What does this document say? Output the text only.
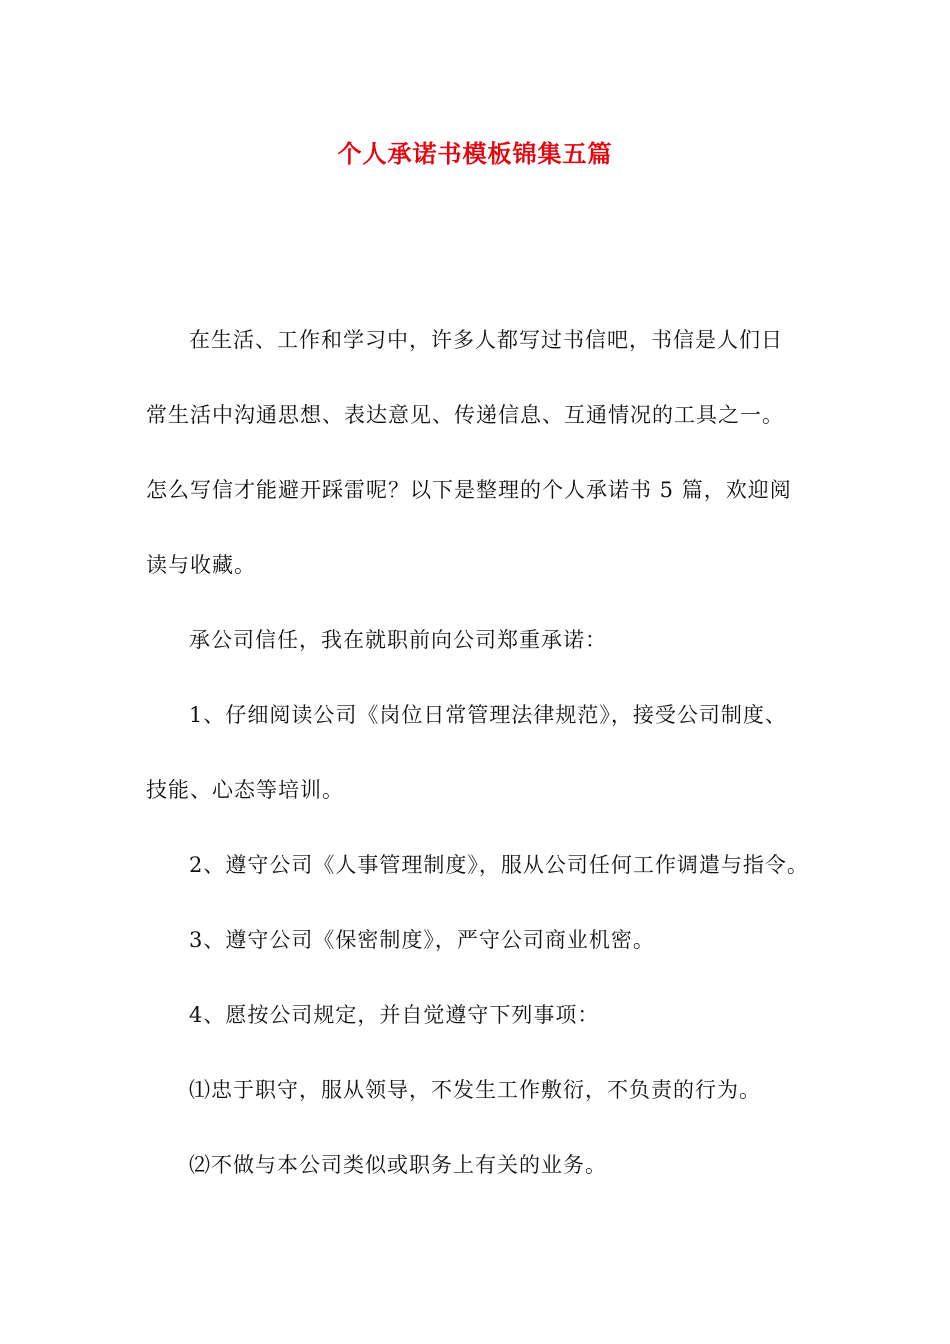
个人承诺书模板锦集五篇
在生活、工作和学习中，许多人都写过书信吧，书信是人们日
常生活中沟通思想、表达意见、传递信息、互通情况的工具之一。
怎么写信才能避开踩雷呢？以下是整理的个人承诺书 5 篇，欢迎阅
读与收藏。
承公司信任，我在就职前向公司郑重承诺：
1、仔细阅读公司《岗位日常管理法律规范》，接受公司制度、
技能、心态等培训。
2、遵守公司《人事管理制度》，服从公司任何工作调遣与指令。
3、遵守公司《保密制度》，严守公司商业机密。
4、愿按公司规定，并自觉遵守下列事项：
⑴忠于职守，服从领导，不发生工作敷衍，不负责的行为。
⑵不做与本公司类似或职务上有关的业务。
